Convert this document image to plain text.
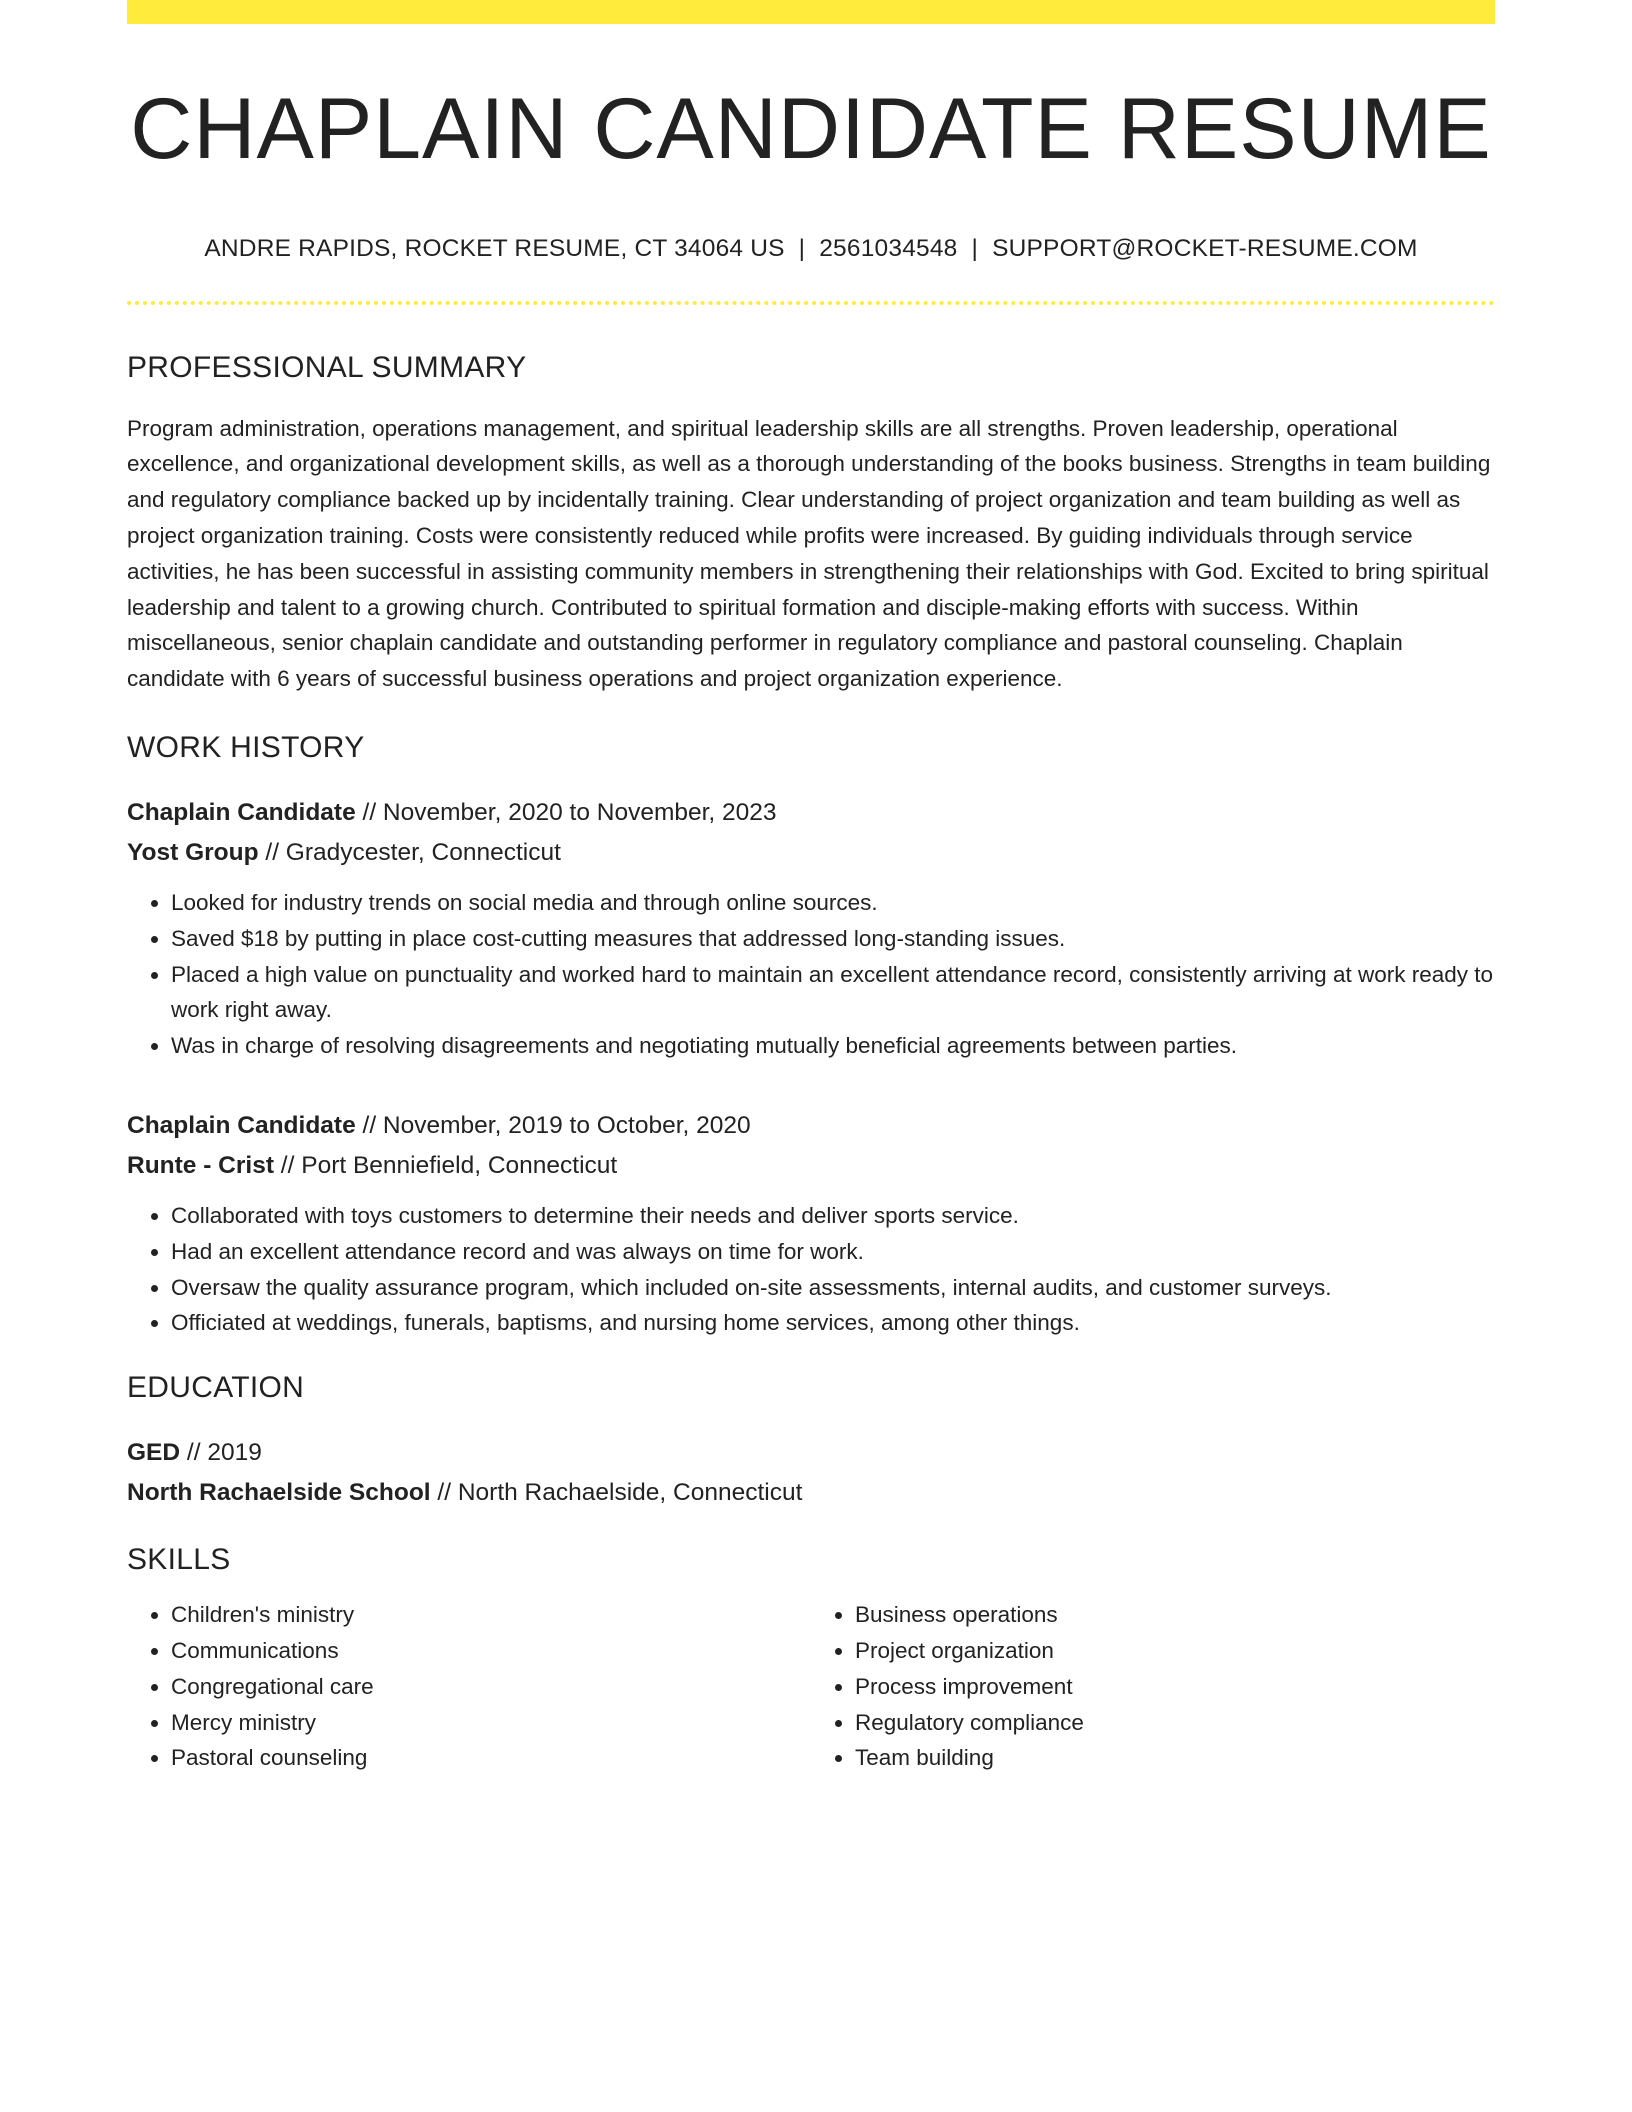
CHAPLAIN CANDIDATE RESUME
ANDRE RAPIDS, ROCKET RESUME, CT 34064 US | 2561034548 | SUPPORT@ROCKET-RESUME.COM
PROFESSIONAL SUMMARY

Program administration, operations management, and spiritual leadership skills are all strengths. Proven leadership, operational excellence, and organizational development skills, as well as a thorough understanding of the books business. Strengths in team building and regulatory compliance backed up by incidentally training. Clear understanding of project organization and team building as well as project organization training. Costs were consistently reduced while profits were increased. By guiding individuals through service activities, he has been successful in assisting community members in strengthening their relationships with God. Excited to bring spiritual leadership and talent to a growing church. Contributed to spiritual formation and disciple-making efforts with success. Within miscellaneous, senior chaplain candidate and outstanding performer in regulatory compliance and pastoral counseling. Chaplain candidate with 6 years of successful business operations and project organization experience.

WORK HISTORY
Chaplain Candidate // November, 2020 to November, 2023
Yost Group // Gradycester, Connecticut
• Looked for industry trends on social media and through online sources.
• Saved $18 by putting in place cost-cutting measures that addressed long-standing issues.
• Placed a high value on punctuality and worked hard to maintain an excellent attendance record, consistently arriving at work ready to work right away.
• Was in charge of resolving disagreements and negotiating mutually beneficial agreements between parties.
Chaplain Candidate // November, 2019 to October, 2020
Runte - Crist // Port Benniefield, Connecticut
• Collaborated with toys customers to determine their needs and deliver sports service.
• Had an excellent attendance record and was always on time for work.
• Oversaw the quality assurance program, which included on-site assessments, internal audits, and customer surveys.
• Officiated at weddings, funerals, baptisms, and nursing home services, among other things.
EDUCATION
GED // 2019
North Rachaelside School // North Rachaelside, Connecticut
SKILLS
• Children's ministry
• Communications
• Congregational care
• Mercy ministry
• Pastoral counseling
• Business operations
• Project organization
• Process improvement
• Regulatory compliance
• Team building
